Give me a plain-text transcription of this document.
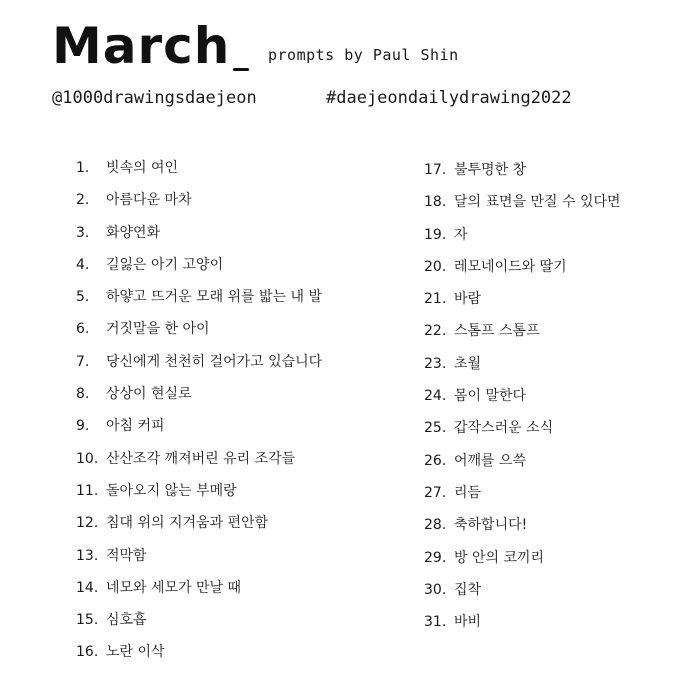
March	prompts by Paul Shin
@1000drawingsdaejeon	#daejeondailydrawing2022
1.	빗속의 여인
2.	아름다운 마차
3.	화양연화
4.	길잃은 아기 고양이
5.	하얗고 뜨거운 모래 위를 밟는 내 발
6.	거짓말을 한 아이
7.	당신에게 천천히 걸어가고 있습니다
8.	상상이 현실로
9.	아침 커피
10. 산산조각 깨져버린 유리 조각들
11. 돌아오지 않는 부메랑
12. 침대 위의 지겨움과 편안함
13. 적막함
14. 네모와 세모가 만날 때
15. 심호흡
16. 노란 이삭
17. 불투명한 창
18. 달의 표면을 만질 수 있다면
19. 자
20. 레모네이드와 딸기
21. 바람
22. 스톰프 스톰프
23. 초월
24. 몸이 말한다
25. 갑작스러운 소식
26. 어깨를 으쓱
27. 리듬
28. 축하합니다!
29. 방 안의 코끼리
30. 집착
31. 바비
